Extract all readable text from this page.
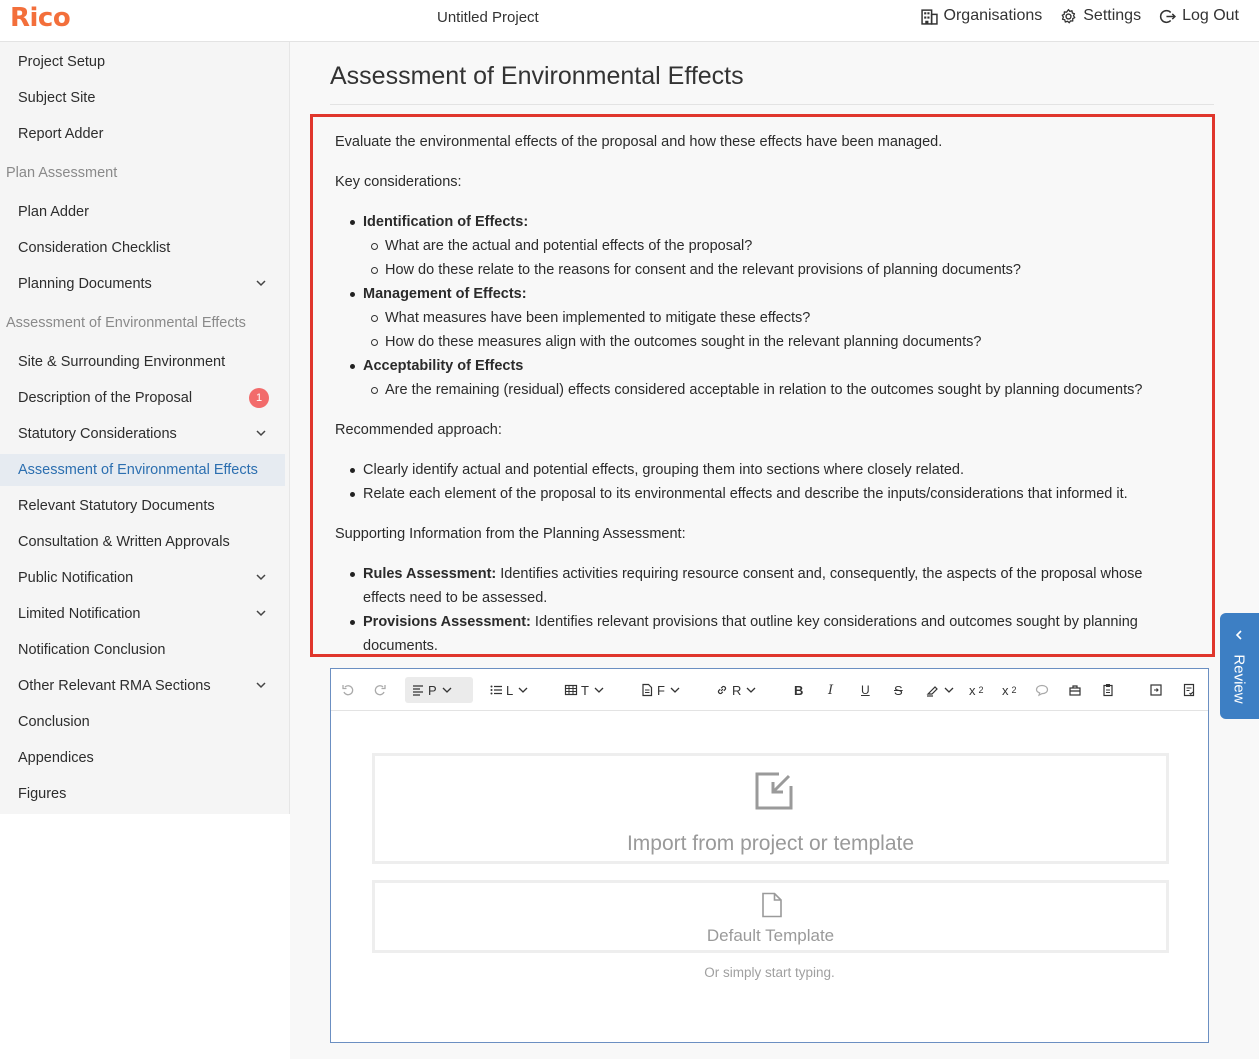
Rico	Untitled Project	Organisations	Settings	Log Out
Project Setup
Subject Site
Report Adder
Plan Assessment
Plan Adder
Consideration Checklist
Planning Documents
Assessment of Environmental Effects
Site & Surrounding Environment
Description of the Proposal	1
Statutory Considerations
Assessment of Environmental Effects
Relevant Statutory Documents
Consultation & Written Approvals
Public Notification
Limited Notification
Notification Conclusion
Other Relevant RMA Sections
Conclusion
Appendices
Figures
Assessment of Environmental Effects

Evaluate the environmental effects of the proposal and how these effects have been managed.

Key considerations:

Identification of Effects:
What are the actual and potential effects of the proposal?
How do these relate to the reasons for consent and the relevant provisions of planning documents?
Management of Effects:
What measures have been implemented to mitigate these effects?
How do these measures align with the outcomes sought in the relevant planning documents?
Acceptability of Effects
Are the remaining (residual) effects considered acceptable in relation to the outcomes sought by planning documents?

Recommended approach:

Clearly identify actual and potential effects, grouping them into sections where closely related.
Relate each element of the proposal to its environmental effects and describe the inputs/considerations that informed it.

Supporting Information from the Planning Assessment:

Rules Assessment: Identifies activities requiring resource consent and, consequently, the aspects of the proposal whose effects need to be assessed.
Provisions Assessment: Identifies relevant provisions that outline key considerations and outcomes sought by planning documents.
P	L	T	F	R	B I U S	x 2 x 2
Import from project or template
Default Template
Or simply start typing.
Review
